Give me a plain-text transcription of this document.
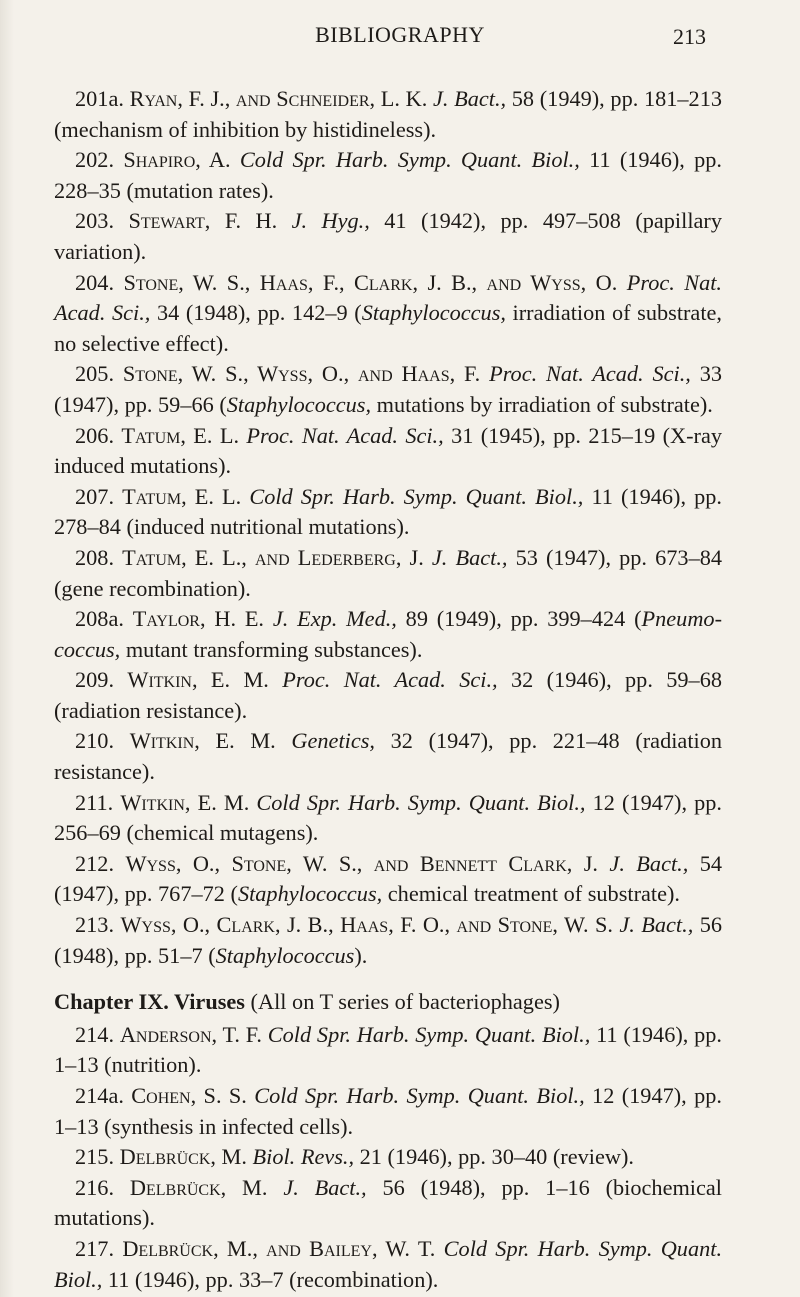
BIBLIOGRAPHY	213

201a. Ryan, F. J., and Schneider, L. K. J. Bact., 58 (1949), pp. 181–213 (mechanism of inhibition by histidineless).

202. Shapiro, A. Cold Spr. Harb. Symp. Quant. Biol., 11 (1946), pp. 228–35 (mutation rates).

203. Stewart, F. H. J. Hyg., 41 (1942), pp. 497–508 (papillary variation).

204. Stone, W. S., Haas, F., Clark, J. B., and Wyss, O. Proc. Nat. Acad. Sci., 34 (1948), pp. 142–9 (Staphylococcus, irradiation of substrate, no selective effect).

205. Stone, W. S., Wyss, O., and Haas, F. Proc. Nat. Acad. Sci., 33 (1947), pp. 59–66 (Staphylococcus, mutations by irradiation of substrate).

206. Tatum, E. L. Proc. Nat. Acad. Sci., 31 (1945), pp. 215–19 (X-ray induced mutations).

207. Tatum, E. L. Cold Spr. Harb. Symp. Quant. Biol., 11 (1946), pp. 278–84 (induced nutritional mutations).

208. Tatum, E. L., and Lederberg, J. J. Bact., 53 (1947), pp. 673–84 (gene recombination).

208a. Taylor, H. E. J. Exp. Med., 89 (1949), pp. 399–424 (Pneumo-coccus, mutant transforming substances).

209. Witkin, E. M. Proc. Nat. Acad. Sci., 32 (1946), pp. 59–68 (radiation resistance).

210. Witkin, E. M. Genetics, 32 (1947), pp. 221–48 (radiation resistance).

211. Witkin, E. M. Cold Spr. Harb. Symp. Quant. Biol., 12 (1947), pp. 256–69 (chemical mutagens).

212. Wyss, O., Stone, W. S., and Bennett Clark, J. J. Bact., 54 (1947), pp. 767–72 (Staphylococcus, chemical treatment of substrate).

213. Wyss, O., Clark, J. B., Haas, F. O., and Stone, W. S. J. Bact., 56 (1948), pp. 51–7 (Staphylococcus).

Chapter IX. Viruses (All on T series of bacteriophages)

214. Anderson, T. F. Cold Spr. Harb. Symp. Quant. Biol., 11 (1946), pp. 1–13 (nutrition).

214a. Cohen, S. S. Cold Spr. Harb. Symp. Quant. Biol., 12 (1947), pp. 1–13 (synthesis in infected cells).

215. Delbrück, M. Biol. Revs., 21 (1946), pp. 30–40 (review).

216. Delbrück, M. J. Bact., 56 (1948), pp. 1–16 (biochemical mutations).

217. Delbrück, M., and Bailey, W. T. Cold Spr. Harb. Symp. Quant. Biol., 11 (1946), pp. 33–7 (recombination).
